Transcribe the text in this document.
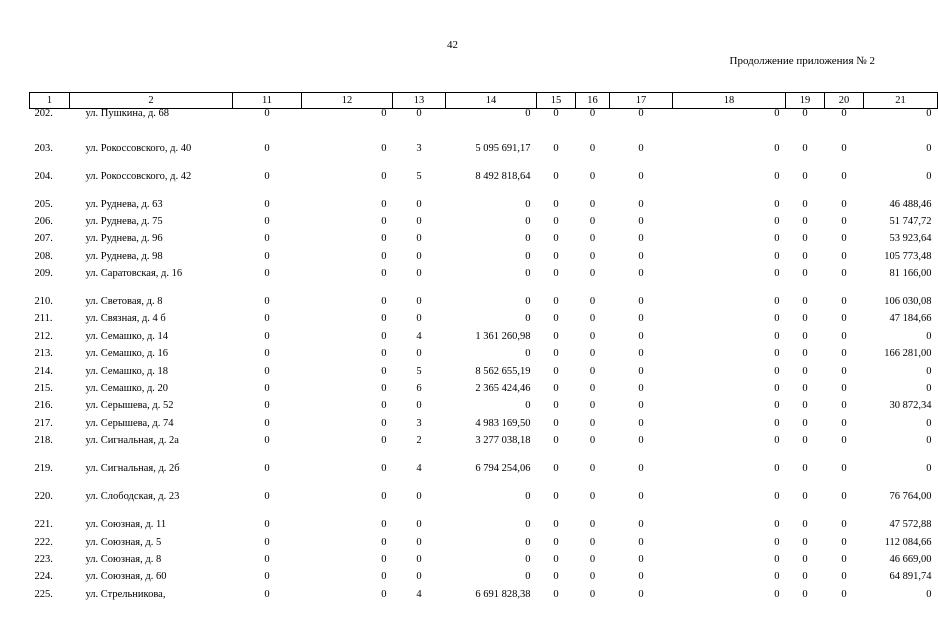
42
Продолжение приложения № 2
1	2	11	12	13	14	15	16	17	18	19	20	21
202.	ул. Пушкина, д. 68	0	0	0	0	0	0	0	0	0	0	0
203.	ул. Рокоссовского, д. 40	0	0	3	5 095 691,17	0	0	0	0	0	0	0
204.	ул. Рокоссовского, д. 42	0	0	5	8 492 818,64	0	0	0	0	0	0	0
205.	ул. Руднева, д. 63	0	0	0	0	0	0	0	0	0	0	46 488,46
206.	ул. Руднева, д. 75	0	0	0	0	0	0	0	0	0	0	51 747,72
207.	ул. Руднева, д. 96	0	0	0	0	0	0	0	0	0	0	53 923,64
208.	ул. Руднева, д. 98	0	0	0	0	0	0	0	0	0	0	105 773,48
209.	ул. Саратовская, д. 16	0	0	0	0	0	0	0	0	0	0	81 166,00
210.	ул. Световая, д. 8	0	0	0	0	0	0	0	0	0	0	106 030,08
211.	ул. Связная, д. 4 б	0	0	0	0	0	0	0	0	0	0	47 184,66
212.	ул. Семашко, д. 14	0	0	4	1 361 260,98	0	0	0	0	0	0	0
213.	ул. Семашко, д. 16	0	0	0	0	0	0	0	0	0	0	166 281,00
214.	ул. Семашко, д. 18	0	0	5	8 562 655,19	0	0	0	0	0	0	0
215.	ул. Семашко, д. 20	0	0	6	2 365 424,46	0	0	0	0	0	0	0
216.	ул. Серышева, д. 52	0	0	0	0	0	0	0	0	0	0	30 872,34
217.	ул. Серышева, д. 74	0	0	3	4 983 169,50	0	0	0	0	0	0	0
218.	ул. Сигнальная, д. 2а	0	0	2	3 277 038,18	0	0	0	0	0	0	0
219.	ул. Сигнальная, д. 2б	0	0	4	6 794 254,06	0	0	0	0	0	0	0
220.	ул. Слободская, д. 23	0	0	0	0	0	0	0	0	0	0	76 764,00
221.	ул. Союзная, д. 11	0	0	0	0	0	0	0	0	0	0	47 572,88
222.	ул. Союзная, д. 5	0	0	0	0	0	0	0	0	0	0	112 084,66
223.	ул. Союзная, д. 8	0	0	0	0	0	0	0	0	0	0	46 669,00
224.	ул. Союзная, д. 60	0	0	0	0	0	0	0	0	0	0	64 891,74
225.	ул. Стрельникова,	0	0	4	6 691 828,38	0	0	0	0	0	0	0
